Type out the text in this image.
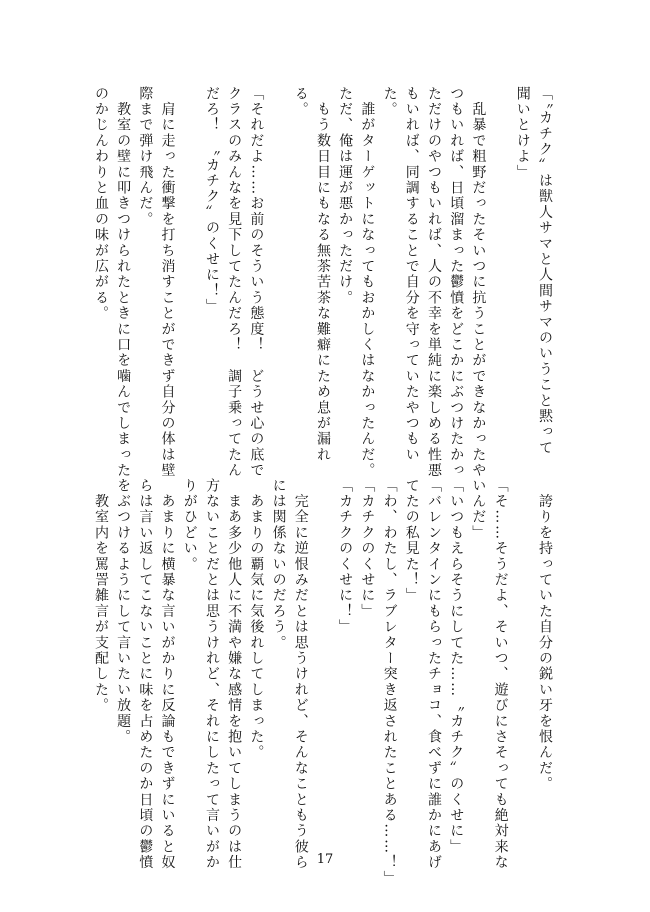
「〝カチク〟は獣人サマと人間サマのいうこと黙って
聞いとけよ」

　乱暴で粗野だったそいつに抗うことができなかったや
つもいれば、日頃溜まった鬱憤をどこかにぶつけたかっ
ただけのやつもいれば、人の不幸を単純に楽しめる性悪
もいれば、同調することで自分を守っていたやつもい
た。
　誰がターゲットになってもおかしくはなかったんだ。
ただ、俺は運が悪かっただけ。
　もう数日目にもなる無茶苦茶な難癖にため息が漏れ
る。

「それだよ……お前のそういう態度！　どうせ心の底で
クラスのみんなを見下してたんだろ！　調子乗ってたん
だろ！　〝カチク〟のくせに！」

　肩に走った衝撃を打ち消すことができず自分の体は壁
際まで弾け飛んだ。
　教室の壁に叩きつけられたときに口を噛んでしまった
のかじんわりと血の味が広がる。
　誇りを持っていた自分の鋭い牙を恨んだ。

「そ……そうだよ、そいつ、遊びにさそっても絶対来な
いんだ」
「いつもえらそうにしてた……〝カチク〟のくせに」
「バレンタインにもらったチョコ、食べずに誰かにあげ
てたの私見た！」
「わ、わたし、ラブレター突き返されたことある……！」
「カチクのくせに」
「カチクのくせに！」

　完全に逆恨みだとは思うけれど、そんなこともう彼ら
には関係ないのだろう。
　あまりの覇気に気後れしてしまった。
　まあ多少他人に不満や嫌な感情を抱いてしまうのは仕
方ないことだとは思うけれど、それにしたって言いがか
りがひどい。
　あまりに横暴な言いがかりに反論もできずにいると奴
らは言い返してこないことに味を占めたのか日頃の鬱憤
をぶつけるようにして言いたい放題。
　教室内を罵詈雑言が支配した。
17
